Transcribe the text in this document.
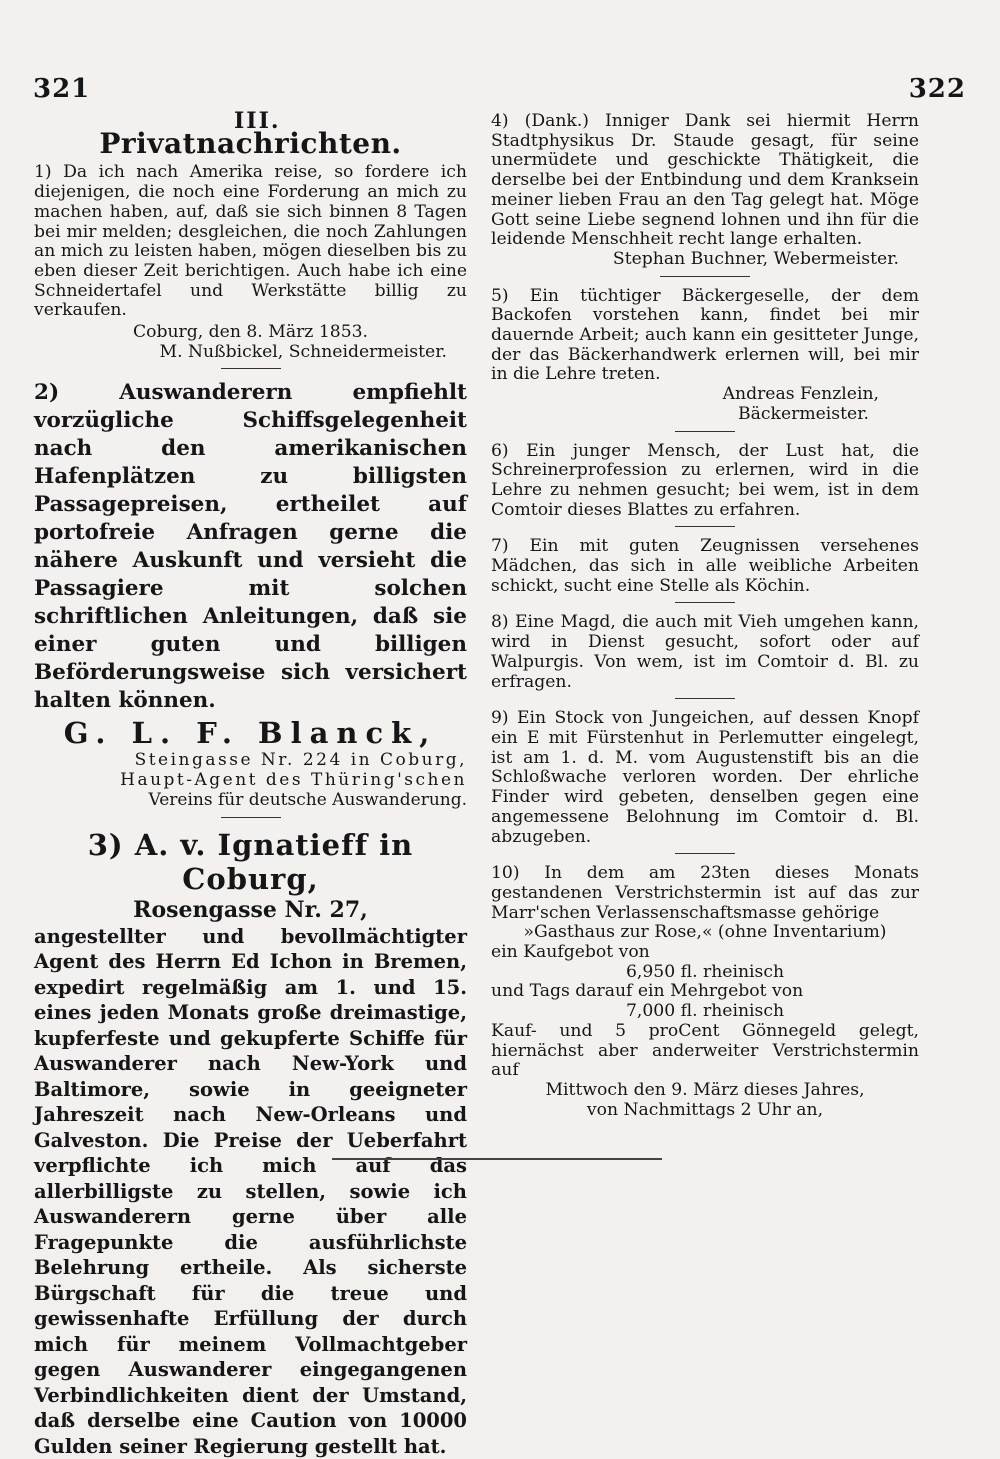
321	322
III.
Privatnachrichten.

1) Da ich nach Amerika reise, so fordere ich diejenigen, die noch eine Forderung an mich zu machen haben, auf, daß sie sich binnen 8 Tagen bei mir melden; desgleichen, die noch Zahlungen an mich zu leisten haben, mögen dieselben bis zu eben dieser Zeit berichtigen. Auch habe ich eine Schneidertafel und Werkstätte billig zu verkaufen.

Coburg, den 8. März 1853.

M. Nußbickel, Schneidermeister.

2) Auswanderern empfiehlt vorzügliche Schiffsgelegenheit nach den amerikanischen Hafenplätzen zu billigsten Passagepreisen, ertheilet auf portofreie Anfragen gerne die nähere Auskunft und versieht die Passagiere mit solchen schriftlichen Anleitungen, daß sie einer guten und billigen Beförderungsweise sich versichert halten können.

G. L. F. Blanck,

Steingasse Nr. 224 in Coburg,

Haupt-Agent des Thüring'schen

Vereins für deutsche Auswanderung.

3) A. v. Ignatieff in Coburg,

Rosengasse Nr. 27,

angestellter und bevollmächtigter Agent des Herrn Ed Ichon in Bremen, expedirt regelmäßig am 1. und 15. eines jeden Monats große dreimastige, kupferfeste und gekupferte Schiffe für Auswanderer nach New-York und Baltimore, sowie in geeigneter Jahreszeit nach New-Orleans und Galveston. Die Preise der Ueberfahrt verpflichte ich mich auf das allerbilligste zu stellen, sowie ich Auswanderern gerne über alle Fragepunkte die ausführlichste Belehrung ertheile. Als sicherste Bürgschaft für die treue und gewissenhafte Erfüllung der durch mich für meinem Vollmachtgeber gegen Auswanderer eingegangenen Verbindlichkeiten dient der Umstand, daß derselbe eine Caution von 10000 Gulden seiner Regierung gestellt hat.

4) (Dank.) Inniger Dank sei hiermit Herrn Stadtphysikus Dr. Staude gesagt, für seine unermüdete und geschickte Thätigkeit, die derselbe bei der Entbindung und dem Kranksein meiner lieben Frau an den Tag gelegt hat. Möge Gott seine Liebe segnend lohnen und ihn für die leidende Menschheit recht lange erhalten.

Stephan Buchner, Webermeister.

5) Ein tüchtiger Bäckergeselle, der dem Backofen vorstehen kann, findet bei mir dauernde Arbeit; auch kann ein gesitteter Junge, der das Bäckerhandwerk erlernen will, bei mir in die Lehre treten.

Andreas Fenzlein,

Bäckermeister.

6) Ein junger Mensch, der Lust hat, die Schreinerprofession zu erlernen, wird in die Lehre zu nehmen gesucht; bei wem, ist in dem Comtoir dieses Blattes zu erfahren.

7) Ein mit guten Zeugnissen versehenes Mädchen, das sich in alle weibliche Arbeiten schickt, sucht eine Stelle als Köchin.

8) Eine Magd, die auch mit Vieh umgehen kann, wird in Dienst gesucht, sofort oder auf Walpurgis. Von wem, ist im Comtoir d. Bl. zu erfragen.

9) Ein Stock von Jungeichen, auf dessen Knopf ein E mit Fürstenhut in Perlemutter eingelegt, ist am 1. d. M. vom Augustenstift bis an die Schloßwache verloren worden. Der ehrliche Finder wird gebeten, denselben gegen eine angemessene Belohnung im Comtoir d. Bl. abzugeben.

10) In dem am 23ten dieses Monats gestandenen Verstrichstermin ist auf das zur Marr'schen Verlassenschaftsmasse gehörige

»Gasthaus zur Rose,« (ohne Inventarium)

ein Kaufgebot von

6,950 fl. rheinisch

und Tags darauf ein Mehrgebot von

7,000 fl. rheinisch

Kauf- und 5 proCent Gönnegeld gelegt, hiernächst aber anderweiter Verstrichstermin auf

Mittwoch den 9. März dieses Jahres,

von Nachmittags 2 Uhr an,
